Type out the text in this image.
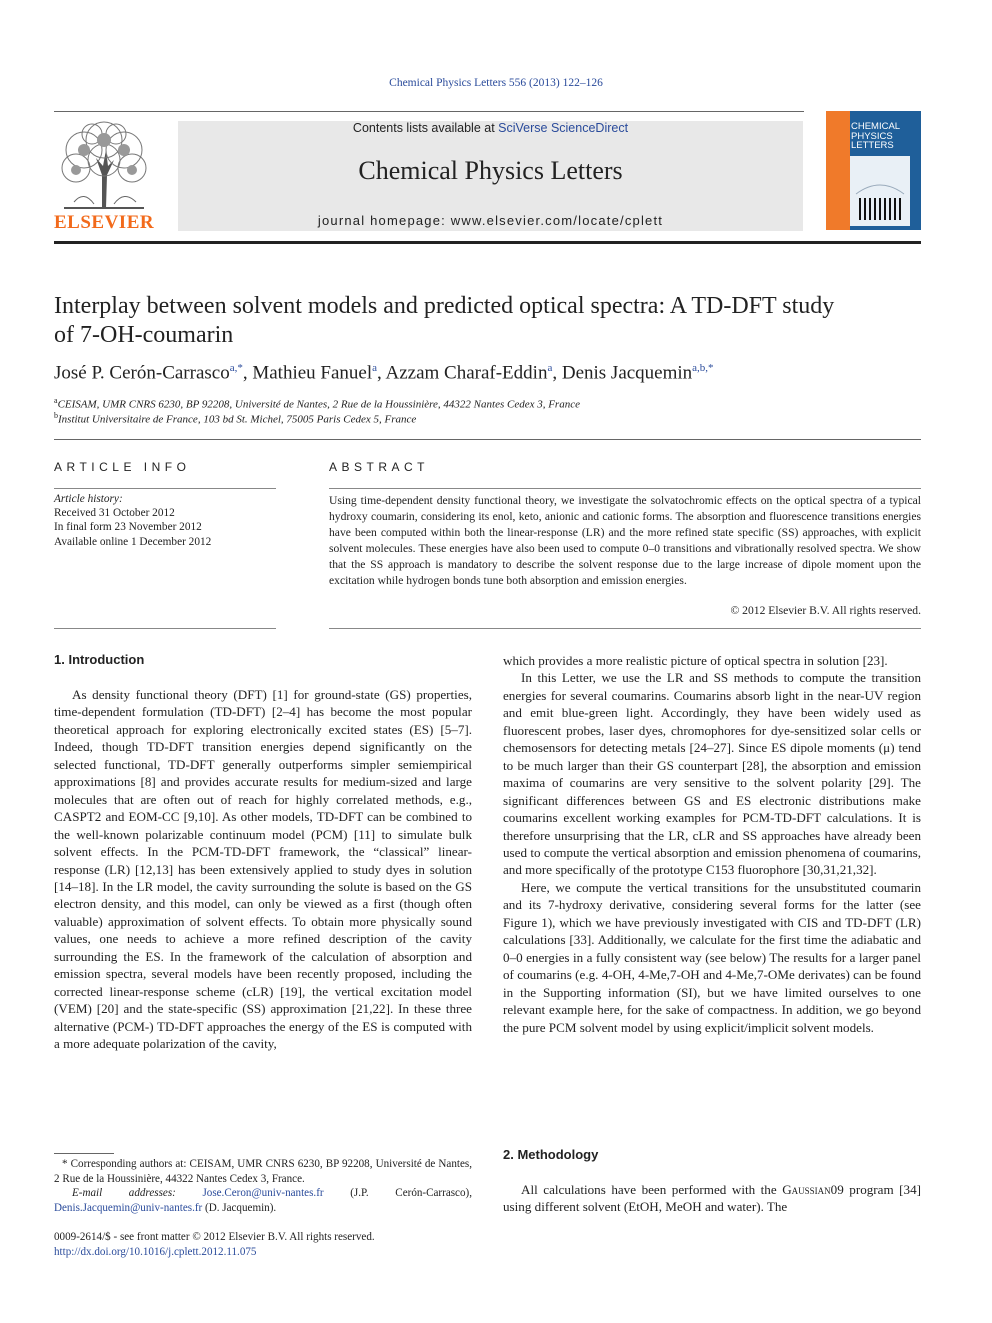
Chemical Physics Letters 556 (2013) 122–126
ELSEVIER
Contents lists available at SciVerse ScienceDirect
Chemical Physics Letters
journal homepage: www.elsevier.com/locate/cplett
CHEMICAL
PHYSICS
LETTERS
Interplay between solvent models and predicted optical spectra: A TD-DFT study
of 7-OH-coumarin
José P. Cerón-Carrasco$^{a,*}$, Mathieu Fanuel$^a$, Azzam Charaf-Eddin$^a$, Denis Jacquemin$^{a,b,*}$
$^a$CEISAM, UMR CNRS 6230, BP 92208, Université de Nantes, 2 Rue de la Houssinière, 44322 Nantes Cedex 3, France
$^b$Institut Universitaire de France, 103 bd St. Michel, 75005 Paris Cedex 5, France
ARTICLE INFO	ABSTRACT
Article history:
Received 31 October 2012
In final form 23 November 2012
Available online 1 December 2012
Using time-dependent density functional theory, we investigate the solvatochromic effects on the optical spectra of a typical hydroxy coumarin, considering its enol, keto, anionic and cationic forms. The absorption and fluorescence transitions energies have been computed within both the linear-response (LR) and the more refined state specific (SS) approaches, with explicit solvent molecules. These energies have also been used to compute 0–0 transitions and vibrationally resolved spectra. We show that the SS approach is mandatory to describe the solvent response due to the large increase of dipole moment upon the excitation while hydrogen bonds tune both absorption and emission energies.
© 2012 Elsevier B.V. All rights reserved.
1. Introduction

As density functional theory (DFT) [1] for ground-state (GS) properties, time-dependent formulation (TD-DFT) [2–4] has become the most popular theoretical approach for exploring electronically excited states (ES) [5–7]. Indeed, though TD-DFT transition energies depend significantly on the selected functional, TD-DFT generally outperforms simpler semiempirical approximations [8] and provides accurate results for medium-sized and large molecules that are often out of reach for highly correlated methods, e.g., CASPT2 and EOM-CC [9,10]. As other models, TD-DFT can be combined to the well-known polarizable continuum model (PCM) [11] to simulate bulk solvent effects. In the PCM-TD-DFT framework, the “classical” linear-response (LR) [12,13] has been extensively applied to study dyes in solution [14–18]. In the LR model, the cavity surrounding the solute is based on the GS electron density, and this model, can only be viewed as a first (though often valuable) approximation of solvent effects. To obtain more physically sound values, one needs to achieve a more refined description of the cavity surrounding the ES. In the framework of the calculation of absorption and emission spectra, several models have been recently proposed, including the corrected linear-response scheme (cLR) [19], the vertical excitation model (VEM) [20] and the state-specific (SS) approximation [21,22]. In these three alternative (PCM-) TD-DFT approaches the energy of the ES is computed with a more adequate polarization of the cavity,

which provides a more realistic picture of optical spectra in solution [23].

In this Letter, we use the LR and SS methods to compute the transition energies for several coumarins. Coumarins absorb light in the near-UV region and emit blue-green light. Accordingly, they have been widely used as fluorescent probes, laser dyes, chromophores for dye-sensitized solar cells or chemosensors for detecting metals [24–27]. Since ES dipole moments (μ) tend to be much larger than their GS counterpart [28], the absorption and emission maxima of coumarins are very sensitive to the solvent polarity [29]. The significant differences between GS and ES electronic distributions make coumarins excellent working examples for PCM-TD-DFT calculations. It is therefore unsurprising that the LR, cLR and SS approaches have already been used to compute the vertical absorption and emission phenomena of coumarins, and more specifically of the prototype C153 fluorophore [30,31,21,32].

Here, we compute the vertical transitions for the unsubstituted coumarin and its 7-hydroxy derivative, considering several forms for the latter (see Figure 1), which we have previously investigated with CIS and TD-DFT (LR) calculations [33]. Additionally, we calculate for the first time the adiabatic and 0–0 energies in a fully consistent way (see below) The results for a larger panel of coumarins (e.g. 4-OH, 4-Me,7-OH and 4-Me,7-OMe derivates) can be found in the Supporting information (SI), but we have limited ourselves to one relevant example here, for the sake of compactness. In addition, we go beyond the pure PCM solvent model by using explicit/implicit solvent models.

2. Methodology

All calculations have been performed with the Gaussian09 program [34] using different solvent (EtOH, MeOH and water). The

* Corresponding authors at: CEISAM, UMR CNRS 6230, BP 92208, Université de Nantes, 2 Rue de la Houssinière, 44322 Nantes Cedex 3, France.
E-mail addresses: Jose.Ceron@univ-nantes.fr (J.P. Cerón-Carrasco), Denis.Jacquemin@univ-nantes.fr (D. Jacquemin).
0009-2614/$ - see front matter © 2012 Elsevier B.V. All rights reserved.
http://dx.doi.org/10.1016/j.cplett.2012.11.075
